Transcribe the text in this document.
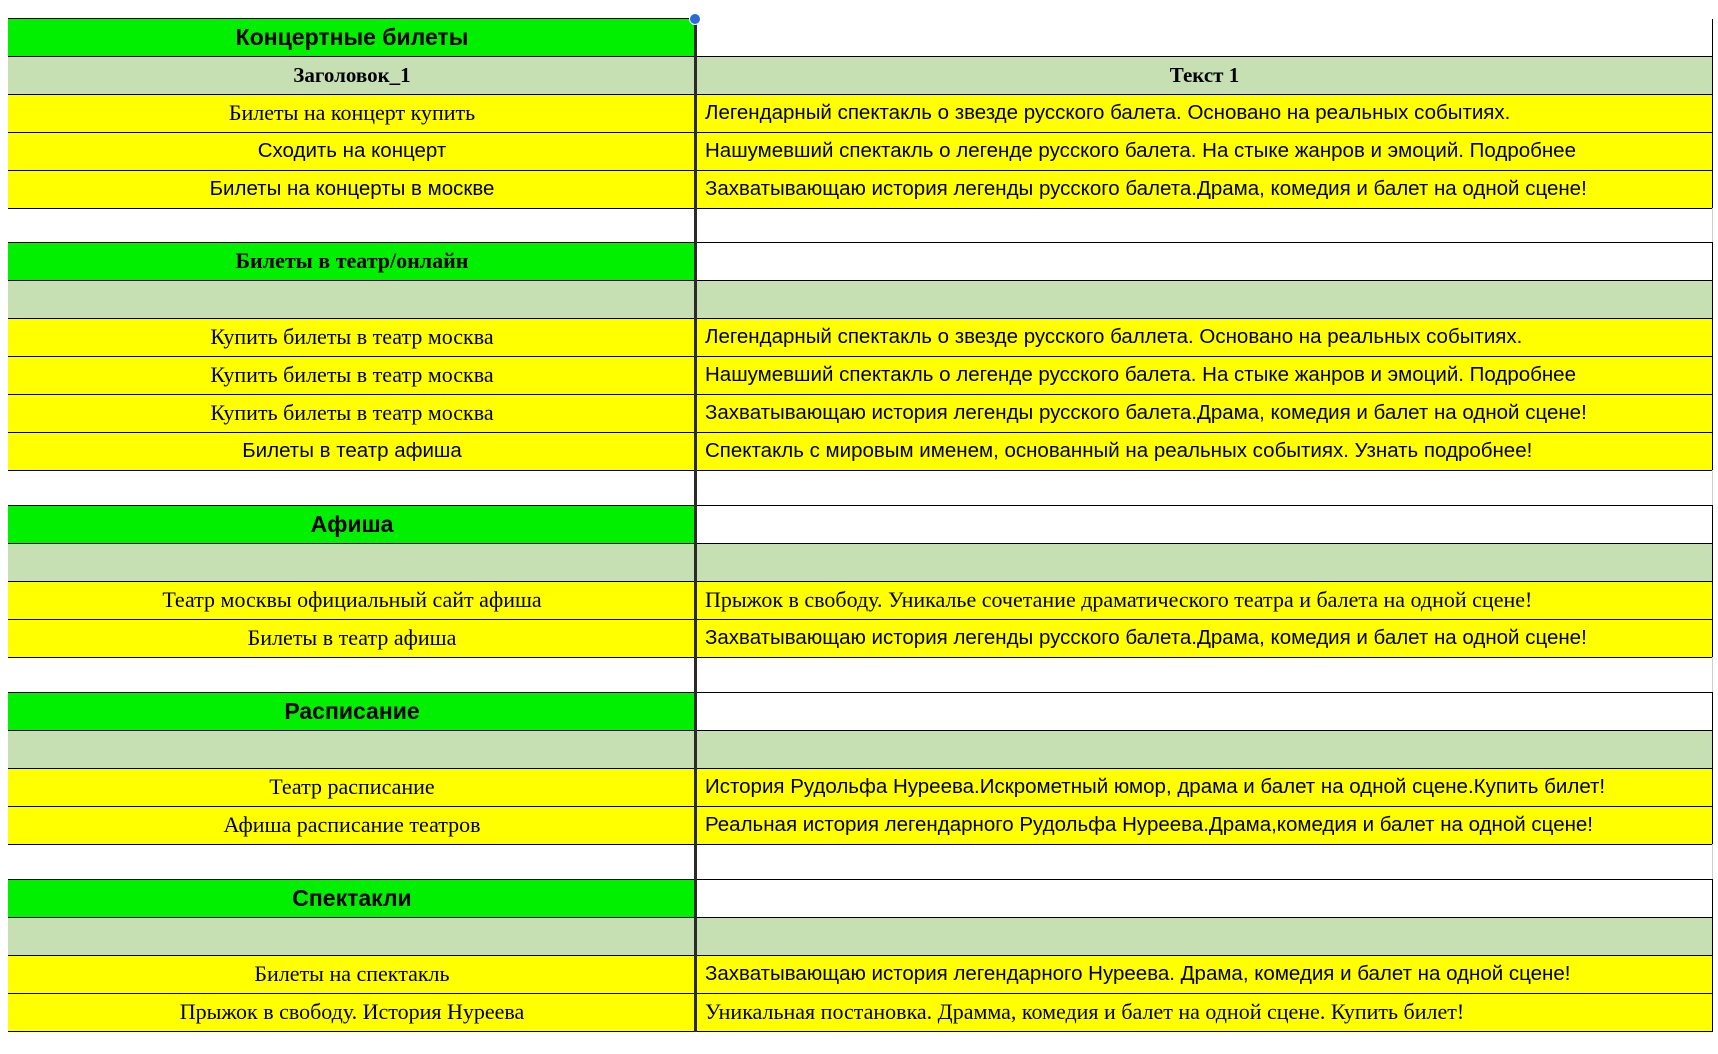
Концертные билеты
Заголовок_1	Текст 1
Билеты на концерт купить	Легендарный спектакль о звезде русского балета. Основано на реальных событиях.
Сходить на концерт	Нашумевший спектакль о легенде русского балета. На стыке жанров и эмоций. Подробнее
Билеты на концерты в москве	Захватывающаю история легенды русского балета.Драма, комедия и балет на одной сцене!
Билеты в театр/онлайн
Купить билеты в театр москва	Легендарный спектакль о звезде русского баллета. Основано на реальных событиях.
Купить билеты в театр москва	Нашумевший спектакль о легенде русского балета. На стыке жанров и эмоций. Подробнее
Купить билеты в театр москва	Захватывающаю история легенды русского балета.Драма, комедия и балет на одной сцене!
Билеты в театр афиша	Спектакль с мировым именем, основанный на реальных событиях. Узнать подробнее!
Афиша
Театр москвы официальный сайт афиша	Прыжок в свободу. Уникалье сочетание драматического театра и балета на одной сцене!
Билеты в театр афиша	Захватывающаю история легенды русского балета.Драма, комедия и балет на одной сцене!
Расписание
Театр расписание	История Рудольфа Нуреева.Искрометный юмор, драма и балет на одной сцене.Купить билет!
Афиша расписание театров	Реальная история легендарного Рудольфа Нуреева.Драма,комедия и балет на одной сцене!
Спектакли
Билеты на спектакль	Захватывающаю история легендарного Нуреева. Драма, комедия и балет на одной сцене!
Прыжок в свободу. История Нуреева	Уникальная постановка. Драмма, комедия и балет на одной сцене. Купить билет!
